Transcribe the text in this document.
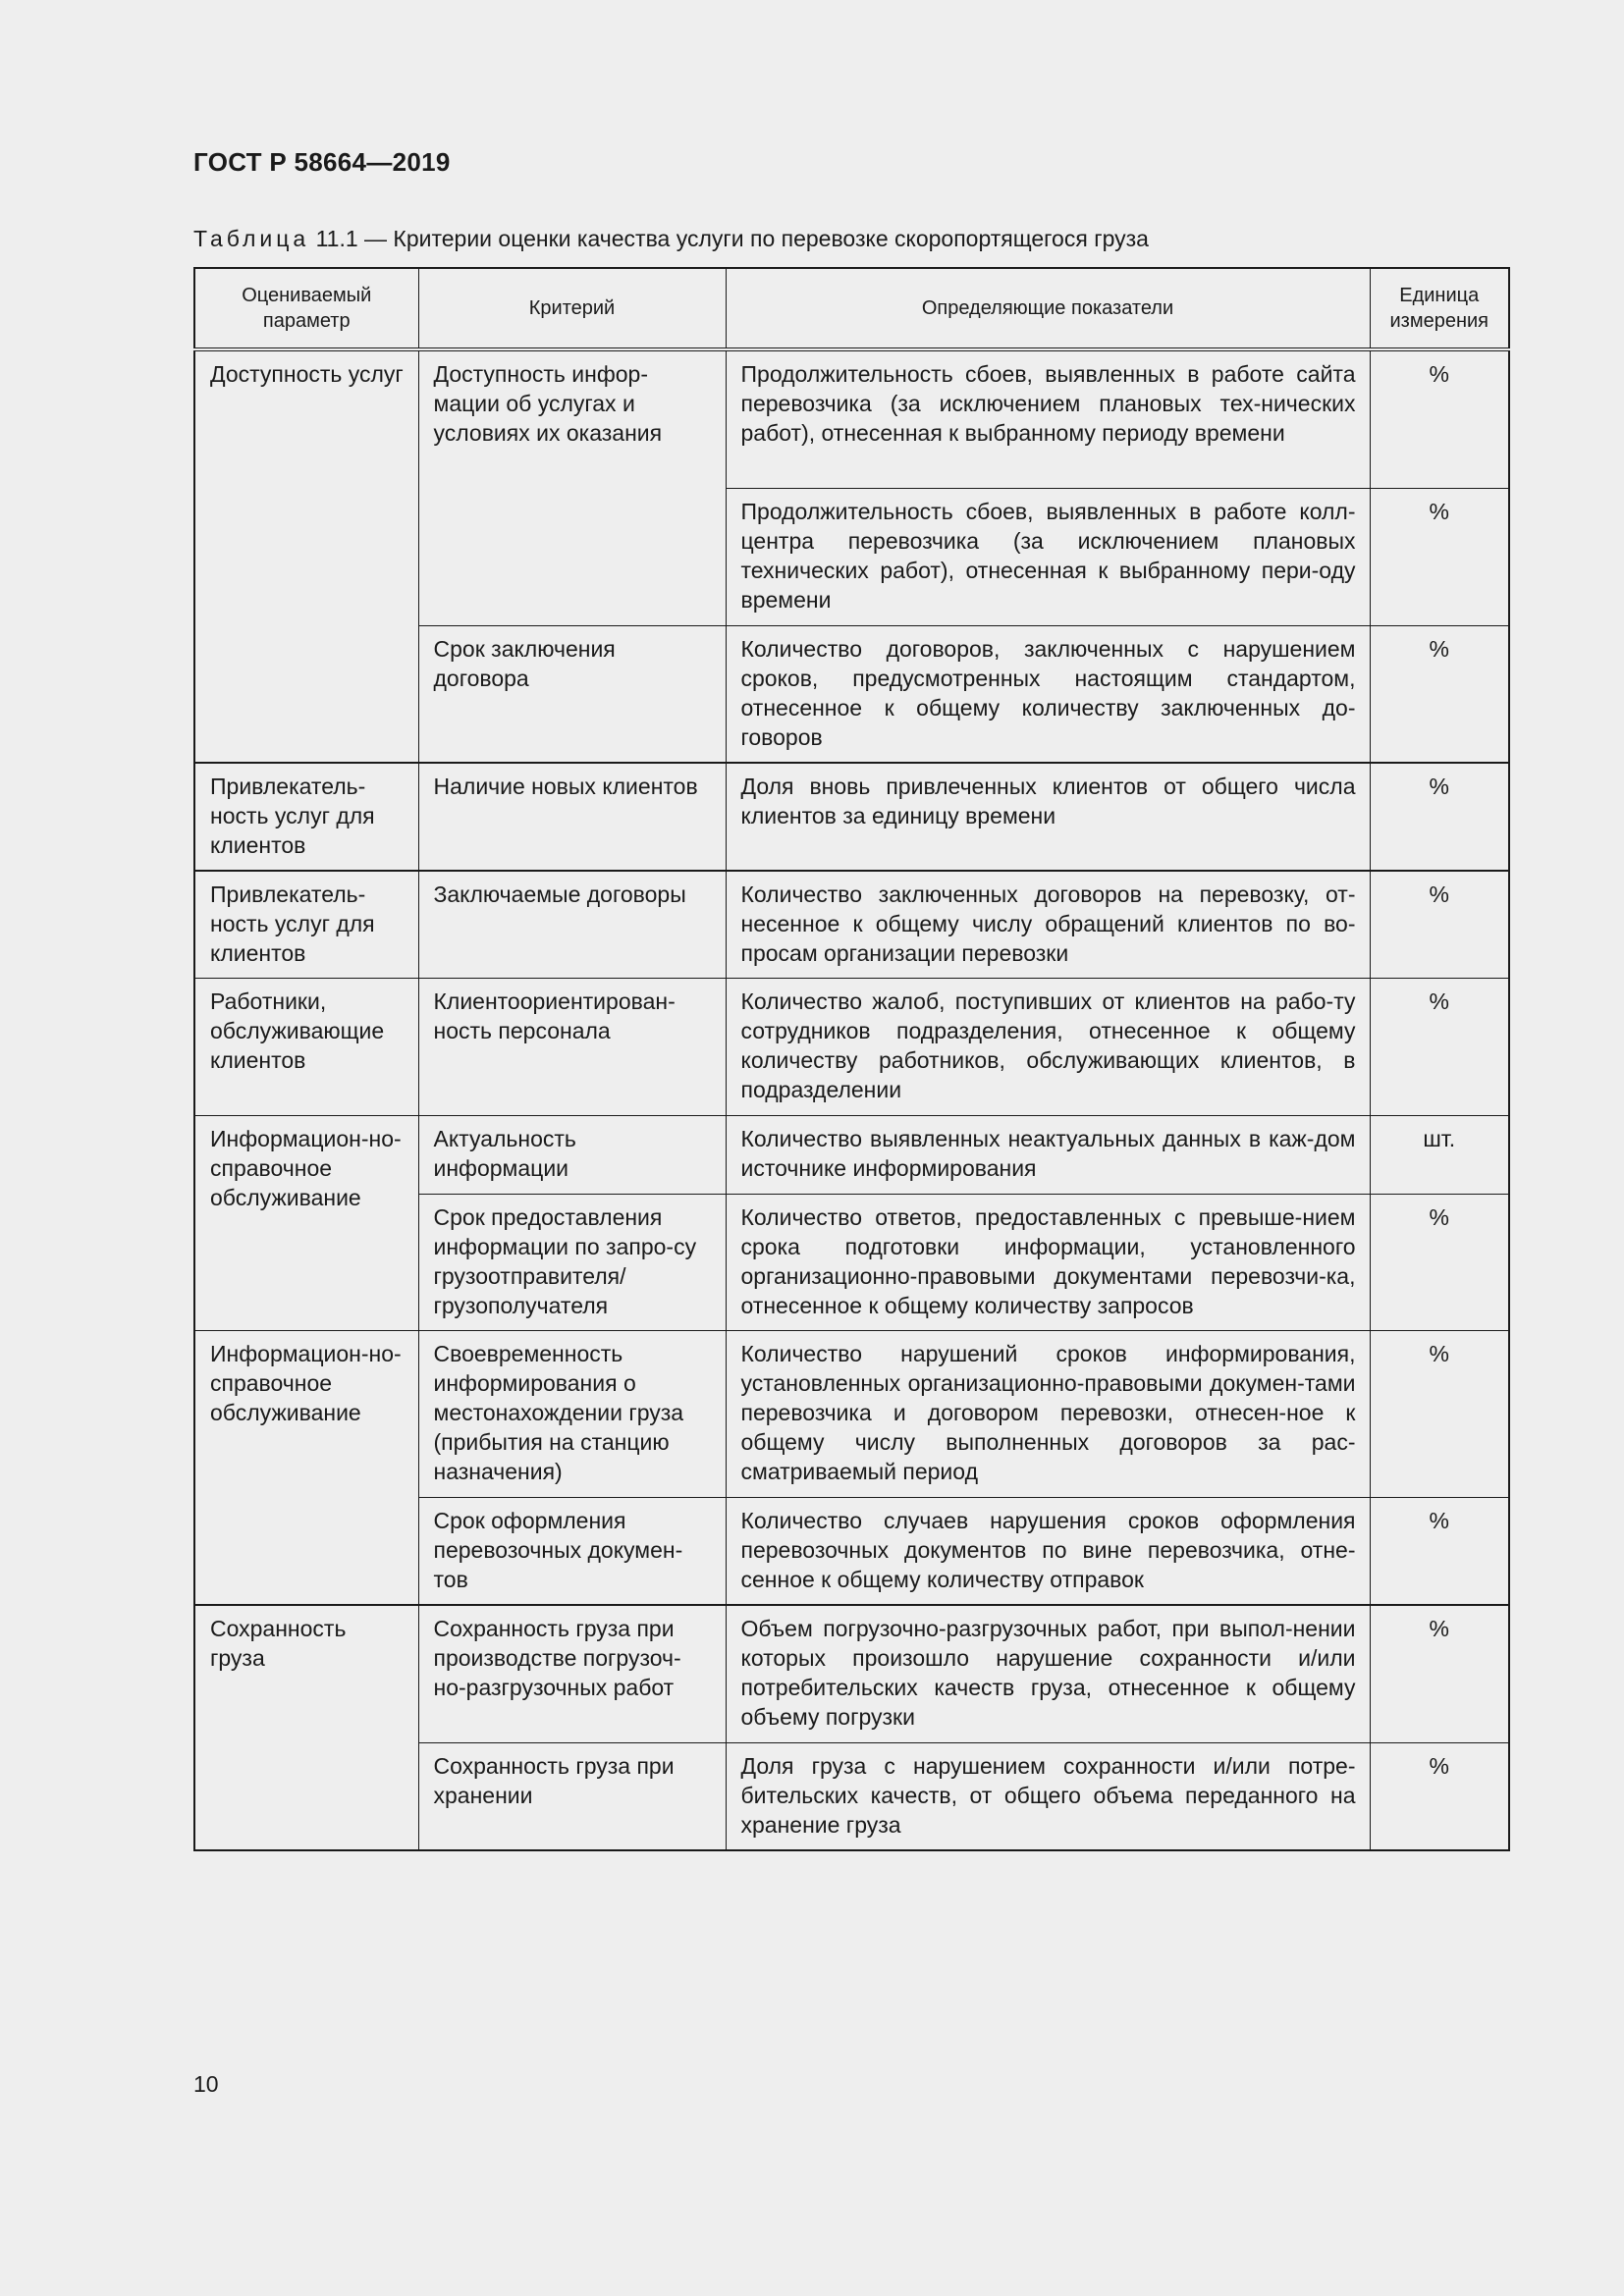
ГОСТ Р 58664—2019
Таблица 11.1 — Критерии оценки качества услуги по перевозке скоропортящегося груза
Оцениваемый параметр	Критерий	Определяющие показатели	Единица измерения
Доступность услуг	Доступность инфор-мации об услугах и условиях их оказания	Продолжительность сбоев, выявленных в работе сайта перевозчика (за исключением плановых тех-нических работ), отнесенная к выбранному периоду времени	%
		Продолжительность сбоев, выявленных в работе колл-центра перевозчика (за исключением плановых технических работ), отнесенная к выбранному пери-оду времени	%
	Срок заключения договора	Количество договоров, заключенных с нарушением сроков, предусмотренных настоящим стандартом, отнесенное к общему количеству заключенных до-говоров	%
Привлекатель-ность услуг для клиентов	Наличие новых клиентов	Доля вновь привлеченных клиентов от общего числа клиентов за единицу времени	%
Привлекатель-ность услуг для клиентов	Заключаемые договоры	Количество заключенных договоров на перевозку, от-несенное к общему числу обращений клиентов по во-просам организации перевозки	%
Работники, обслуживающие клиентов	Клиентоориентирован-ность персонала	Количество жалоб, поступивших от клиентов на рабо-ту сотрудников подразделения, отнесенное к общему количеству работников, обслуживающих клиентов, в подразделении	%
Информацион-но-справочное обслуживание	Актуальность информации	Количество выявленных неактуальных данных в каж-дом источнике информирования	шт.
	Срок предоставления информации по запро-су грузоотправителя/ грузополучателя	Количество ответов, предоставленных с превыше-нием срока подготовки информации, установленного организационно-правовыми документами перевозчи-ка, отнесенное к общему количеству запросов	%
Информацион-но-справочное обслуживание	Своевременность информирования о местонахождении груза (прибытия на станцию назначения)	Количество нарушений сроков информирования, установленных организационно-правовыми докумен-тами перевозчика и договором перевозки, отнесен-ное к общему числу выполненных договоров за рас-сматриваемый период	%
	Срок оформления перевозочных докумен-тов	Количество случаев нарушения сроков оформления перевозочных документов по вине перевозчика, отне-сенное к общему количеству отправок	%
Сохранность груза	Сохранность груза при производстве погрузоч-но-разгрузочных работ	Объем погрузочно-разгрузочных работ, при выпол-нении которых произошло нарушение сохранности и/или потребительских качеств груза, отнесенное к общему объему погрузки	%
	Сохранность груза при хранении	Доля груза с нарушением сохранности и/или потре-бительских качеств, от общего объема переданного на хранение груза	%
10
